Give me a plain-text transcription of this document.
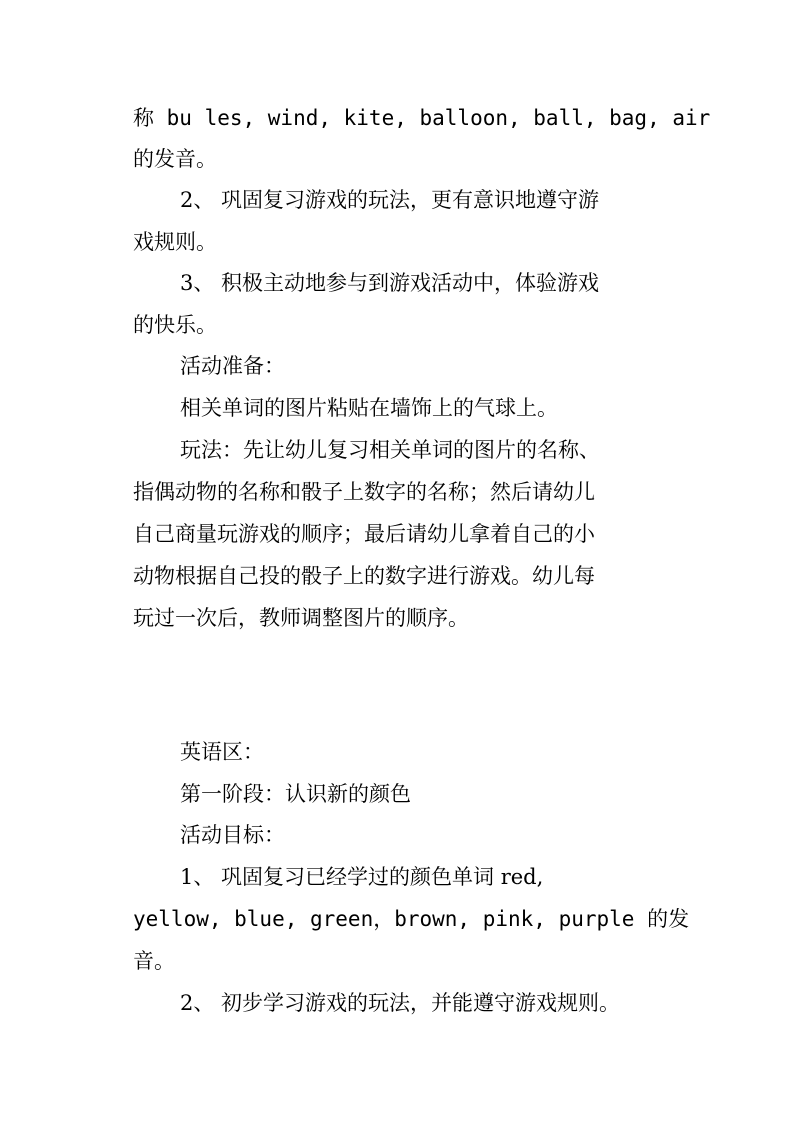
称 bu les, wind, kite, balloon, ball, bag, air
的发音。
2、 巩固复习游戏的玩法，更有意识地遵守游
戏规则。
3、 积极主动地参与到游戏活动中，体验游戏
的快乐。
活动准备：
相关单词的图片粘贴在墙饰上的气球上。
玩法：先让幼儿复习相关单词的图片的名称、
指偶动物的名称和骰子上数字的名称；然后请幼儿
自己商量玩游戏的顺序；最后请幼儿拿着自己的小
动物根据自己投的骰子上的数字进行游戏。幼儿每
玩过一次后，教师调整图片的顺序。
英语区：
第一阶段：认识新的颜色
活动目标：
1、 巩固复习已经学过的颜色单词 red,
yellow, blue, green，brown, pink, purple 的发
音。
2、 初步学习游戏的玩法，并能遵守游戏规则。
